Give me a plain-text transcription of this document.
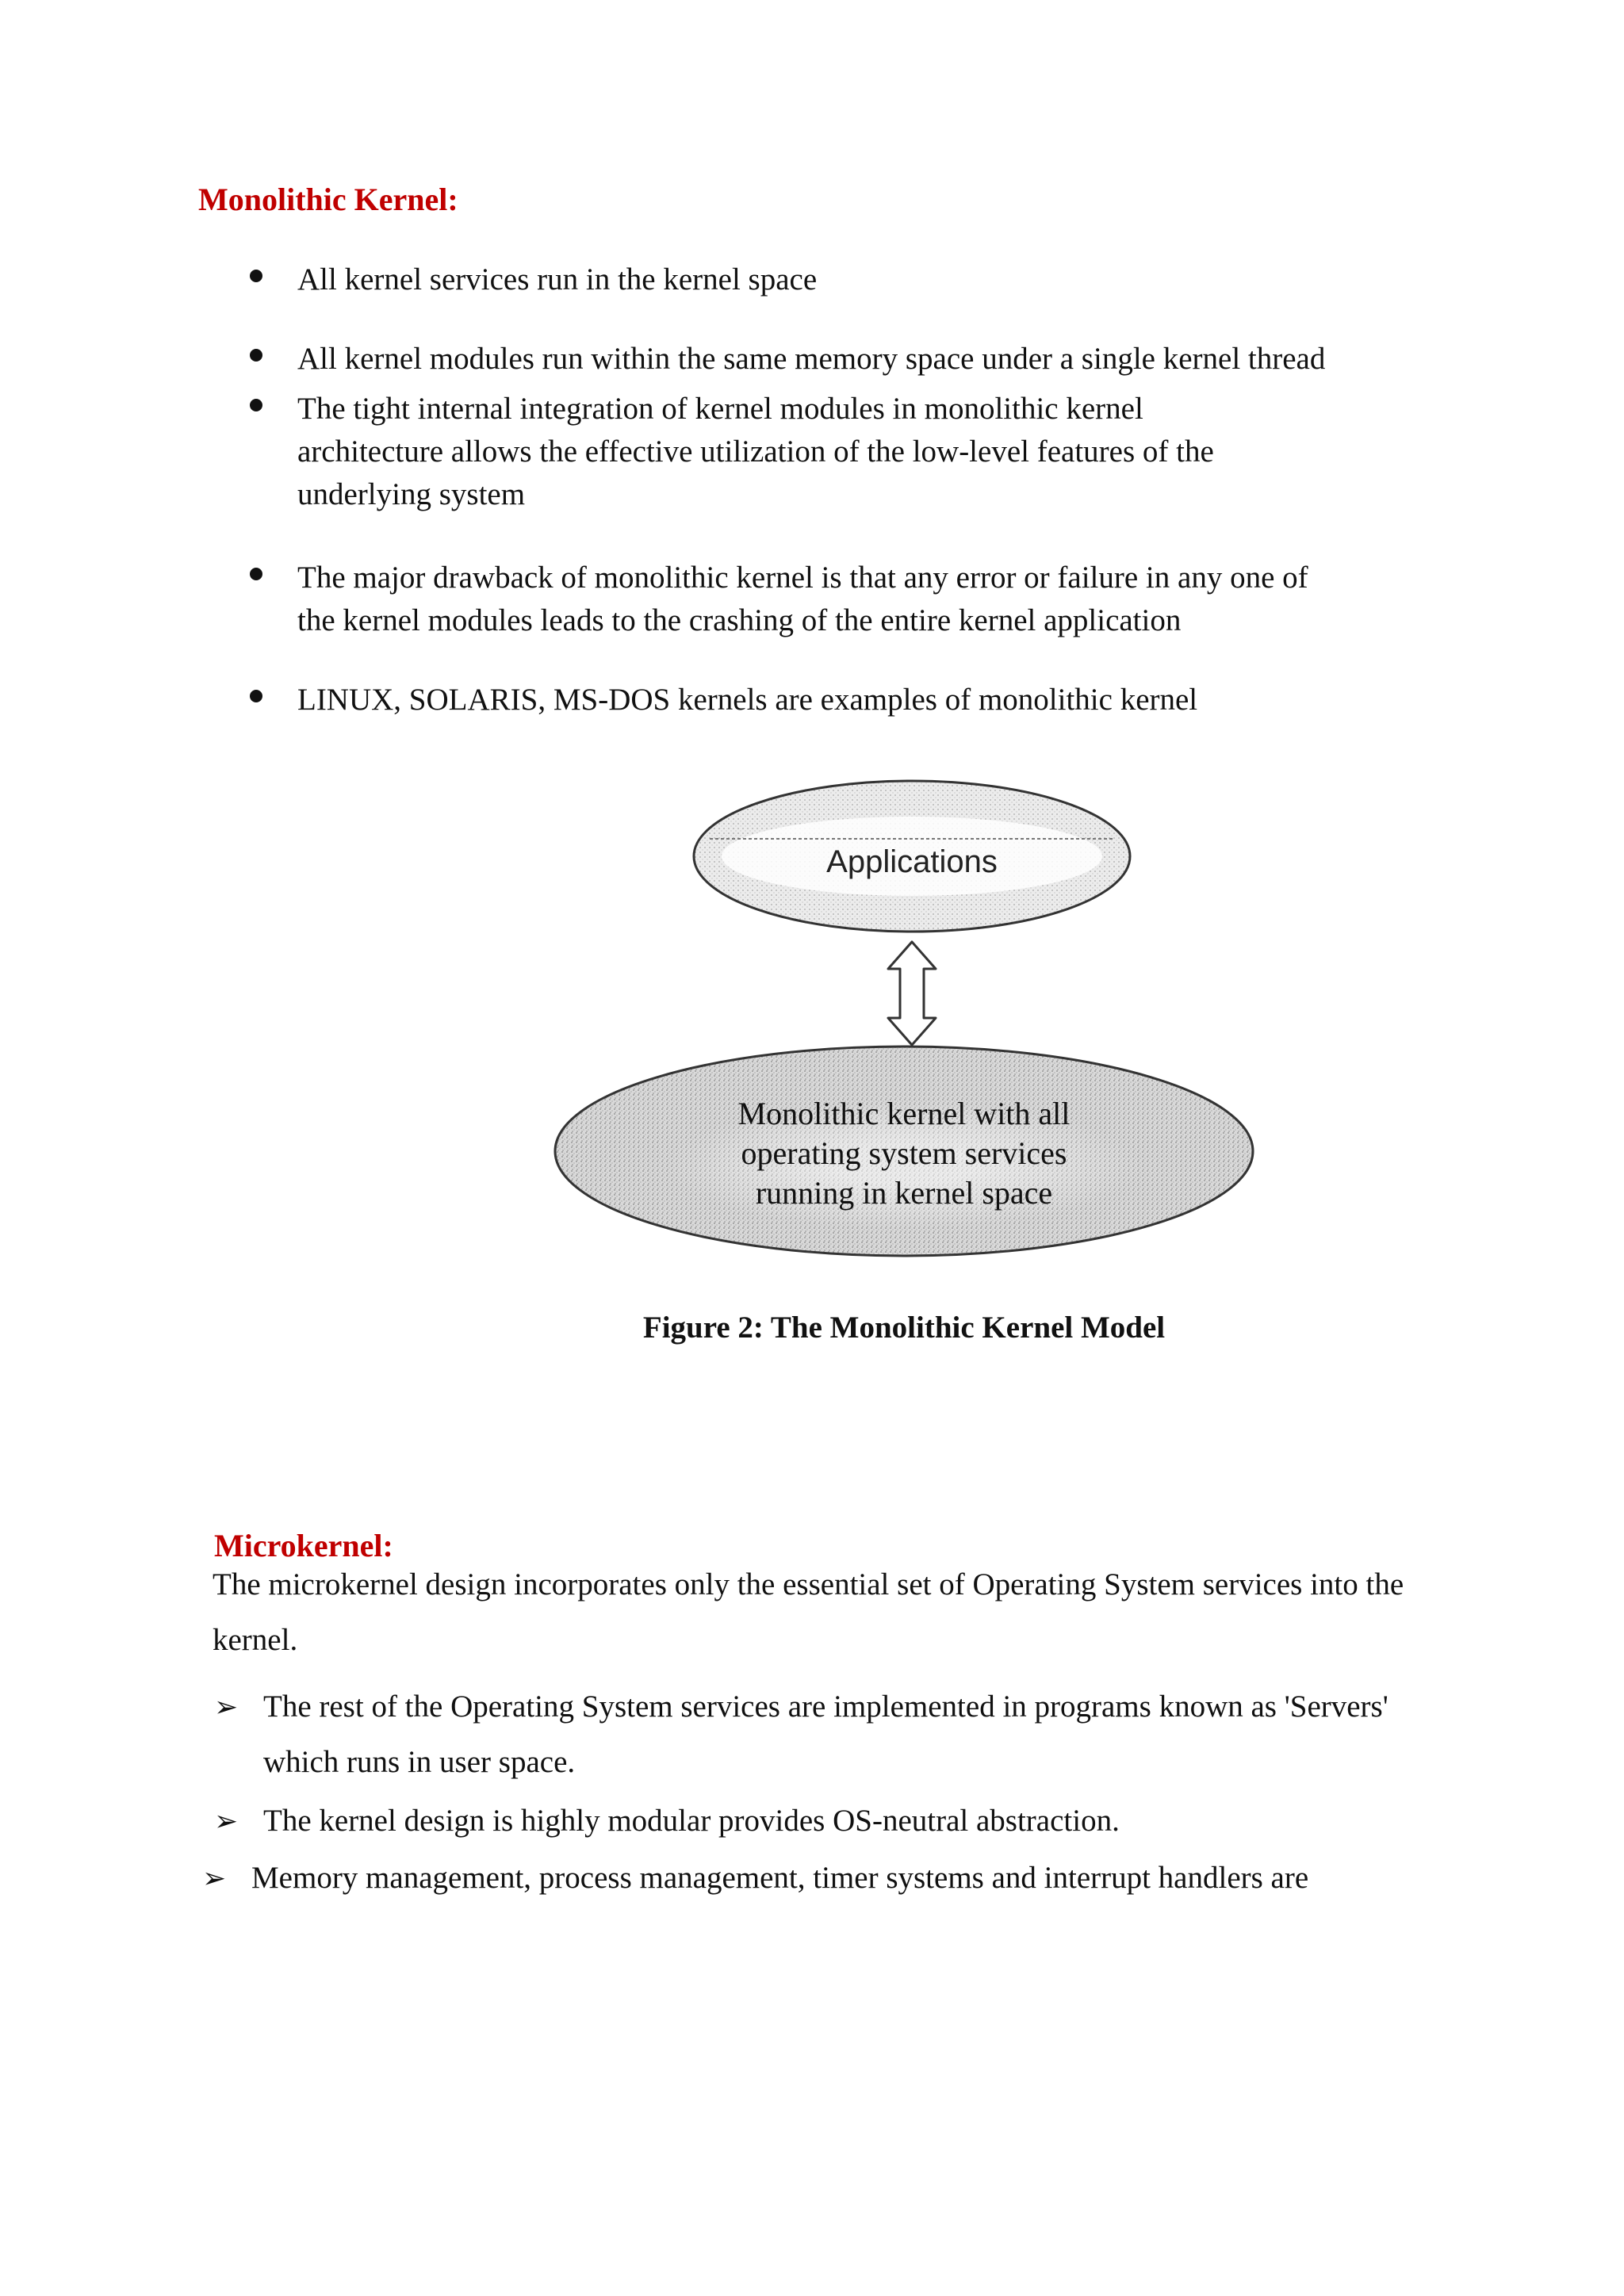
Monolithic Kernel:
All kernel services run in the kernel space
All kernel modules run within the same memory space under a single kernel thread
The tight internal integration of kernel modules in monolithic kernel architecture allows the effective utilization of the low-level features of the underlying system
The major drawback of monolithic kernel is that any error or failure in any one of the kernel modules leads to the crashing of the entire kernel application
LINUX, SOLARIS, MS-DOS kernels are examples of monolithic kernel
Applications
Monolithic kernel with all
operating system services
running in kernel space
Figure 2: The Monolithic Kernel Model
Microkernel:
The microkernel design incorporates only the essential set of Operating System services into the kernel.
➢ The rest of the Operating System services are implemented in programs known as 'Servers' which runs in user space.
➢ The kernel design is highly modular provides OS-neutral abstraction.
➢ Memory management, process management, timer systems and interrupt handlers are
